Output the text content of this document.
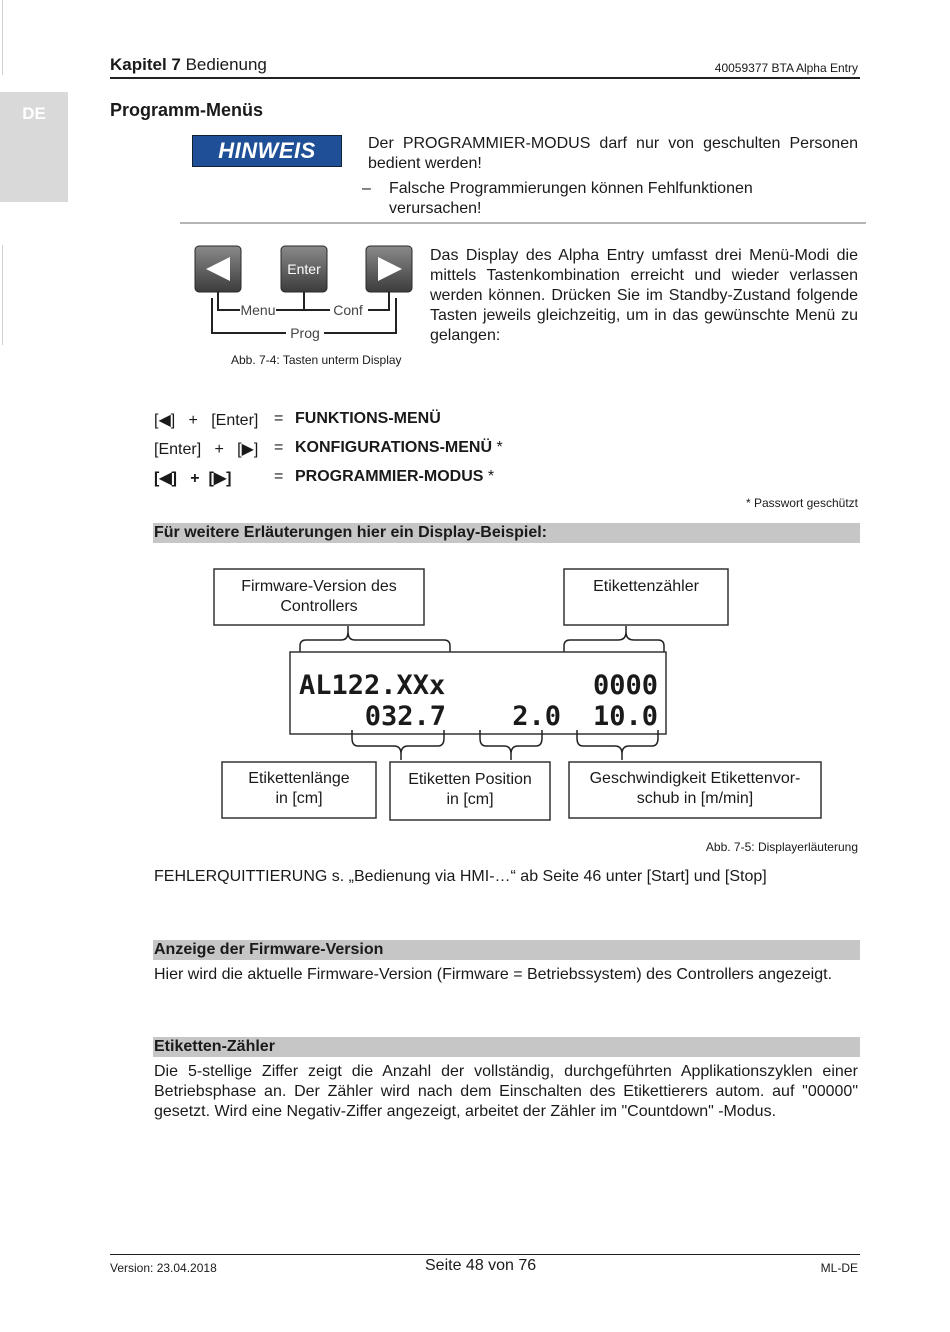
DE
Kapitel 7 Bedienung	40059377 BTA Alpha Entry
Programm-Menüs
HINWEIS	Der PROGRAMMIER-MODUS darf nur von geschulten Personen bedient werden!
– Falsche Programmierungen können Fehlfunktionen verursachen!
Enter
Menu	Conf
Prog
Abb. 7-4: Tasten unterm Display
Das Display des Alpha Entry umfasst drei Menü-Modi die mittels Tastenkombination erreicht und wieder verlassen werden können. Drücken Sie im Standby-Zustand folgende Tasten jeweils gleichzeitig, um in das gewünschte Menü zu gelangen:
[◀]   +   [Enter] = FUNKTIONS-MENÜ
[Enter]   +   [▶] = KONFIGURATIONS-MENÜ *
[◀]   +  [▶]	= PROGRAMMIER-MODUS *
* Passwort geschützt
Für weitere Erläuterungen hier ein Display-Beispiel:
Firmware-Version des
Controllers
Etikettenzähler
AL122.XXx	0000
032.7 2.0 10.0
Etikettenlänge
in [cm]
Etiketten Position
in [cm]
Geschwindigkeit Etikettenvor-
schub in [m/min]
Abb. 7-5: Displayerläuterung
FEHLERQUITTIERUNG s. „Bedienung via HMI-…“ ab Seite 46 unter [Start] und [Stop]
Anzeige der Firmware-Version
Hier wird die aktuelle Firmware-Version (Firmware = Betriebssystem) des Controllers angezeigt.
Etiketten-Zähler
Die 5-stellige Ziffer zeigt die Anzahl der vollständig, durchgeführten Applikationszyklen einer Betriebsphase an. Der Zähler wird nach dem Einschalten des Etikettierers autom. auf "00000" gesetzt. Wird eine Negativ-Ziffer angezeigt, arbeitet der Zähler im "Countdown" -Modus.
Version: 23.04.2018	Seite 48 von 76	ML-DE
